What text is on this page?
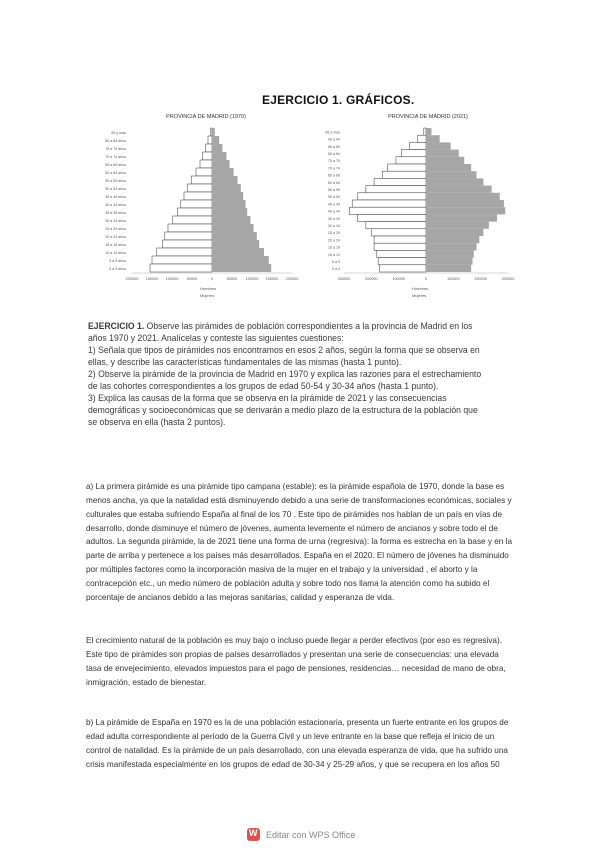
EJERCICIO 1. GRÁFICOS.
PROVINCIA DE MADRID (1970)
85 y más
80 a 84 años
75 a 79 años
70 a 74 años
65 a 69 años
60 a 64 años
55 a 59 años
50 a 54 años
45 a 49 años
40 a 44 años
35 a 39 años
30 a 34 años
25 a 29 años
20 a 24 años
15 a 19 años
10 a 14 años
5 a 9 años
0 a 4 años
200000 150000 100000 50000	0	50000 100000 150000 200000
Hombres
Mujeres
PROVINCIA DE MADRID (2021)
95 y más
90 a 94
85 a 89
80 a 84
75 a 79
70 a 74
65 a 69
60 a 64
55 a 59
50 a 54
45 a 49
40 a 44
35 a 39
30 a 34
25 a 29
20 a 24
15 a 19
10 a 14
5 a 9
0 a 4
300000	200000	100000	0	100000	200000	300000
Hombres
Mujeres
EJERCICIO 1. Observe las pirámides de población correspondientes a la provincia de Madrid en los años 1970 y 2021. Analícelas y conteste las siguientes cuestiones:
1) Señala que tipos de pirámides nos encontramos en esos 2 años, según la forma que se observa en ellas, y describe las características fundamentales de las mismas (hasta 1 punto).
2) Observe la pirámide de la provincia de Madrid en 1970 y explica las razones para el estrechamiento de las cohortes correspondientes a los grupos de edad 50-54 y 30-34 años (hasta 1 punto).
3) Explica las causas de la forma que se observa en la pirámide de 2021 y las consecuencias demográficas y socioeconómicas que se derivarán a medio plazo de la estructura de la población que se observa en ella (hasta 2 puntos).

a) La primera pirámide es una pirámide tipo campana (estable): es la pirámide española de 1970, donde la base es menos ancha, ya que la natalidad está disminuyendo debido a una serie de transformaciones económicas, sociales y culturales que estaba sufriendo España al final de los 70 . Este tipo de pirámides nos hablan de un país en vías de desarrollo, donde disminuye el número de jóvenes, aumenta levemente el número de ancianos y sobre todo el de adultos. La segunda pirámide, la de 2021 tiene una forma de urna (regresiva): la forma es estrecha en la base y en la parte de arriba y pertenece a los países más desarrollados. España en el 2020. El número de jóvenes ha disminuido por múltiples factores como la incorporación masiva de la mujer en el trabajo y la universidad , el aborto y la contracepción etc., un medio número de población adulta y sobre todo nos llama la atención como ha subido el porcentaje de ancianos debido a las mejoras sanitarias, calidad y esperanza de vida.

El crecimiento natural de la población es muy bajo o incluso puede llegar a perder efectivos (por eso es regresiva). Este tipo de pirámides son propias de países desarrollados y presentan una serie de consecuencias: una elevada tasa de envejecimiento, elevados impuestos para el pago de pensiones, residencias… necesidad de mano de obra, inmigración, estado de bienestar.

b) La pirámide de España en 1970 es la de una población estacionaria, presenta un fuerte entrante en los grupos de edad adulta correspondiente al período de la Guerra Civil y un leve entrante en la base que refleja el inicio de un control de natalidad. Es la pirámide de un país desarrollado, con una elevada esperanza de vida, que ha sufrido una crisis manifestada especialmente en los grupos de edad de 30-34 y 25-29 años, y que se recupera en los años 50

W
Editar con WPS Office
